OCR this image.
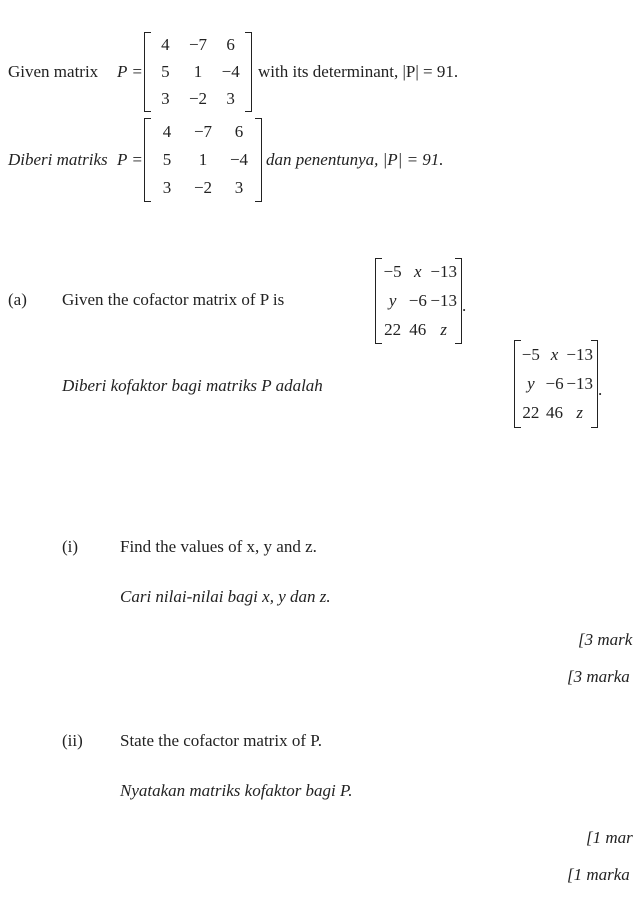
Given matrix P =
4 −7 6
5 1 −4
3 −2 3
with its determinant, |P| = 91.
Diberi matriks P =
4 −7 6
5 1 −4
3 −2 3
dan penentunya, |P| = 91.
(a) Given the cofactor matrix of P is
−5 x −13
y −6 −13
22 46 z
.
Diberi kofaktor bagi matriks P adalah
−5 x −13
y −6 −13
22 46 z
.
(i) Find the values of x, y and z.
Cari nilai-nilai bagi x, y dan z.
[3 mark
[3 marka
(ii) State the cofactor matrix of P.
Nyatakan matriks kofaktor bagi P.
[1 mar
[1 marka
